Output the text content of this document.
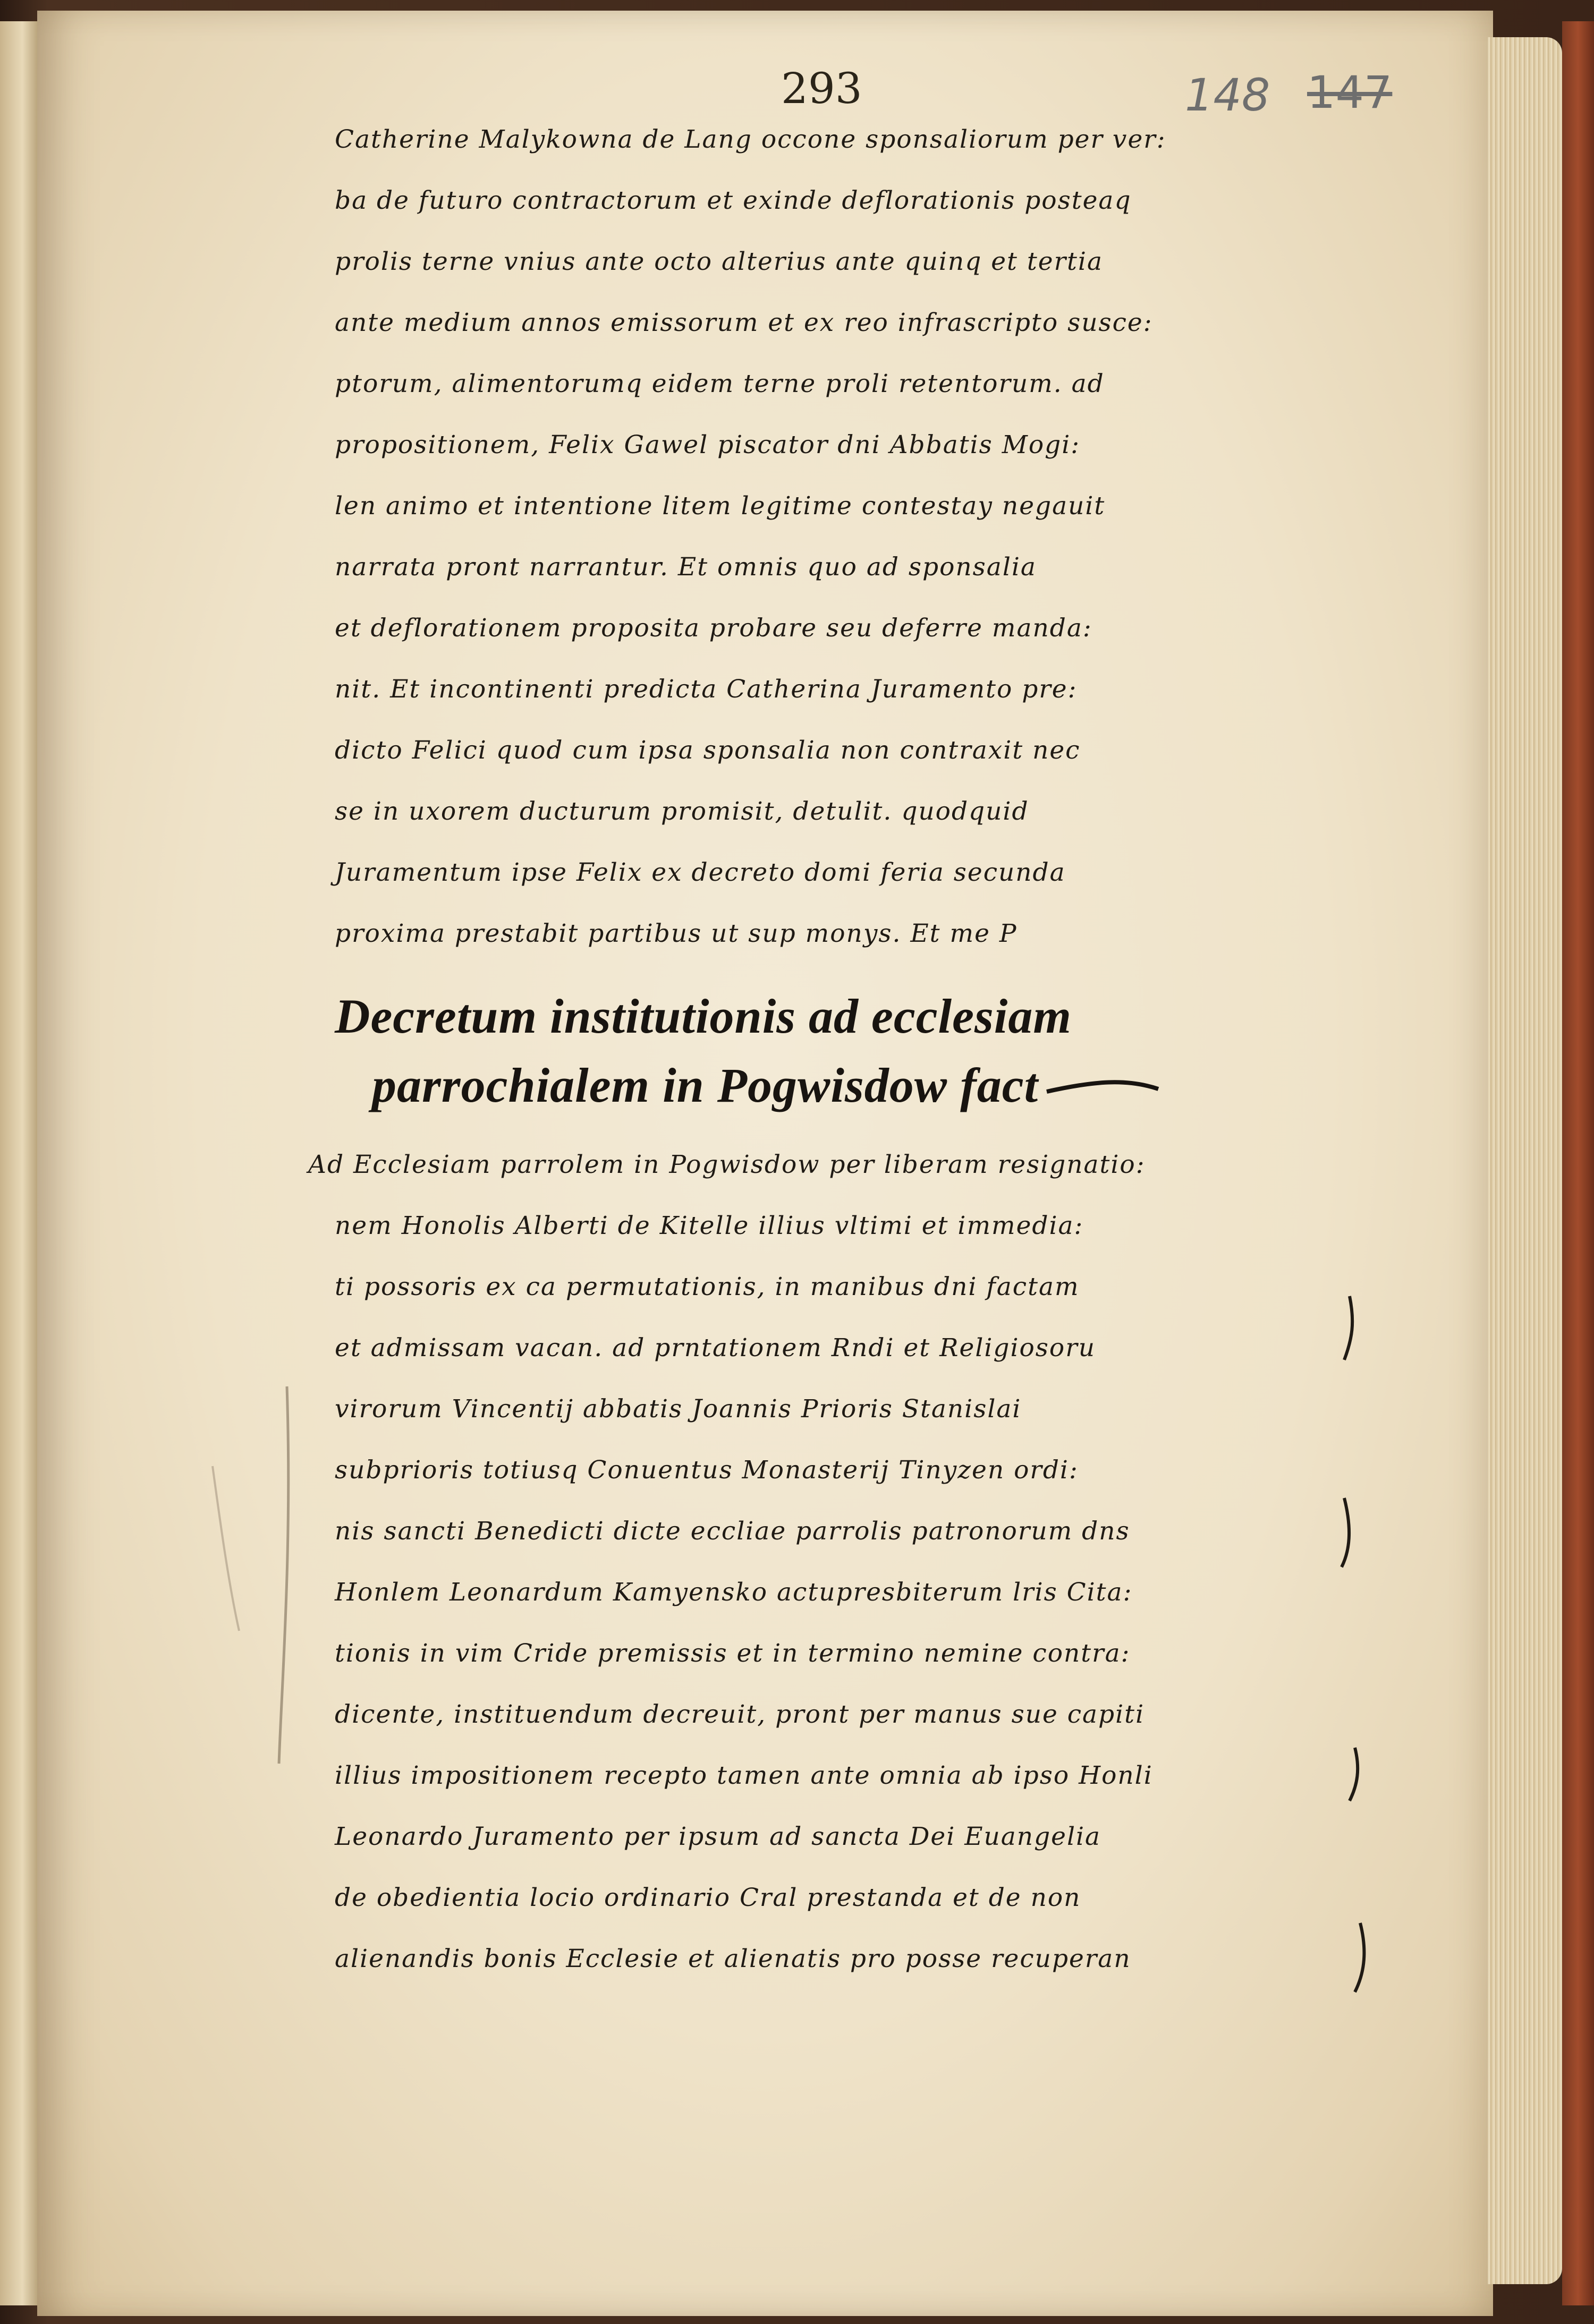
293	148 147
Catherine Malykowna de Lang occone sponsaliorum per ver:
ba de futuro contractorum et exinde deflorationis posteaq
prolis terne vnius ante octo alterius ante quinq et tertia
ante medium annos emissorum et ex reo infrascripto susce:
ptorum, alimentorumq eidem terne proli retentorum. ad
propositionem, Felix Gawel piscator dni Abbatis Mogi:
len animo et intentione litem legitime contestay negauit
narrata pront narrantur. Et omnis quo ad sponsalia
et deflorationem proposita probare seu deferre manda:
nit. Et incontinenti predicta Catherina Juramento pre:
dicto Felici quod cum ipsa sponsalia non contraxit nec
se in uxorem ducturum promisit, detulit. quodquid
Juramentum ipse Felix ex decreto domi feria secunda
proxima prestabit partibus ut sup monys. Et me P
Decretum institutionis ad ecclesiam
parrochialem in Pogwisdow fact
Ad Ecclesiam parrolem in Pogwisdow per liberam resignatio:
nem Honolis Alberti de Kitelle illius vltimi et immedia:
ti possoris ex ca permutationis, in manibus dni factam
et admissam vacan. ad prntationem Rndi et Religiosoru
virorum Vincentij abbatis Joannis Prioris Stanislai
subprioris totiusq Conuentus Monasterij Tinyzen ordi:
nis sancti Benedicti dicte eccliae parrolis patronorum dns
Honlem Leonardum Kamyensko actupresbiterum lris Cita:
tionis in vim Cride premissis et in termino nemine contra:
dicente, instituendum decreuit, pront per manus sue capiti
illius impositionem recepto tamen ante omnia ab ipso Honli
Leonardo Juramento per ipsum ad sancta Dei Euangelia
de obedientia locio ordinario Cral prestanda et de non
alienandis bonis Ecclesie et alienatis pro posse recuperan
